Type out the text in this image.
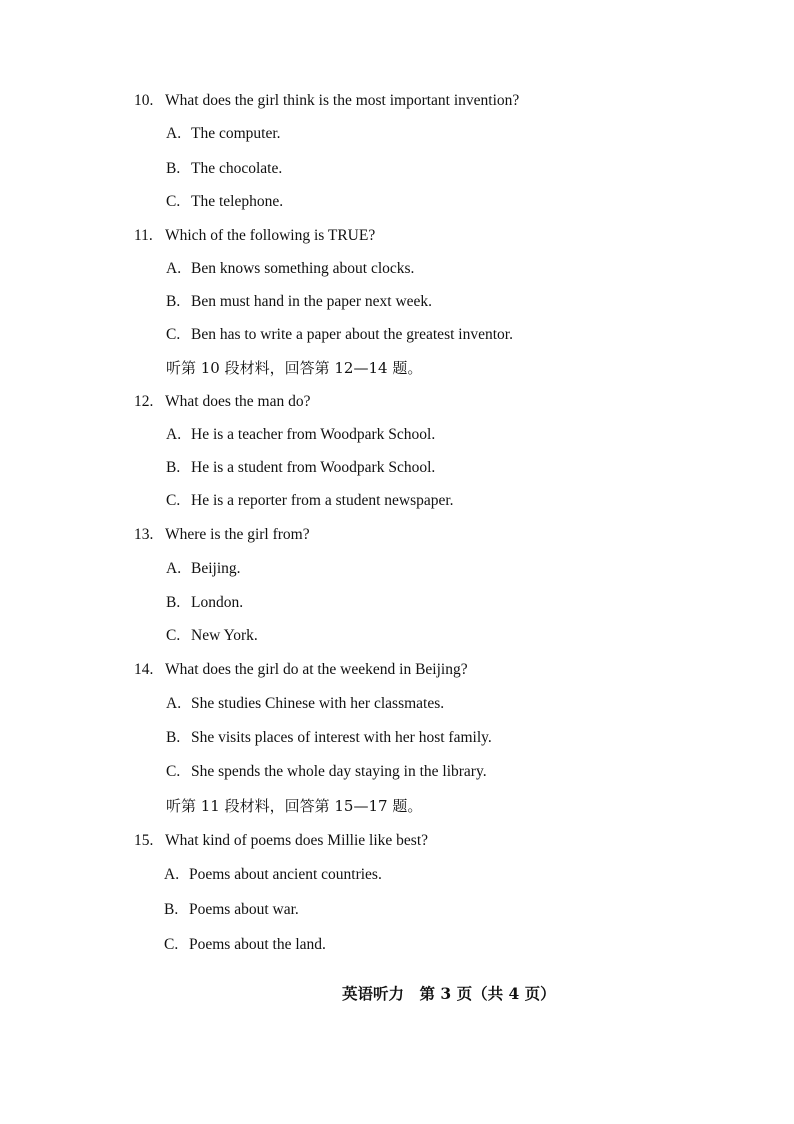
10. What does the girl think is the most important invention?
A. The computer.
B. The chocolate.
C. The telephone.
11. Which of the following is TRUE?
A. Ben knows something about clocks.
B. Ben must hand in the paper next week.
C. Ben has to write a paper about the greatest inventor.
听第 10 段材料，回答第 12—14 题。
12. What does the man do?
A. He is a teacher from Woodpark School.
B. He is a student from Woodpark School.
C. He is a reporter from a student newspaper.
13. Where is the girl from?
A. Beijing.
B. London.
C. New York.
14. What does the girl do at the weekend in Beijing?
A. She studies Chinese with her classmates.
B. She visits places of interest with her host family.
C. She spends the whole day staying in the library.
听第 11 段材料，回答第 15—17 题。
15. What kind of poems does Millie like best?
A. Poems about ancient countries.
B. Poems about war.
C. Poems about the land.
英语听力　第 3 页（共 4 页）
